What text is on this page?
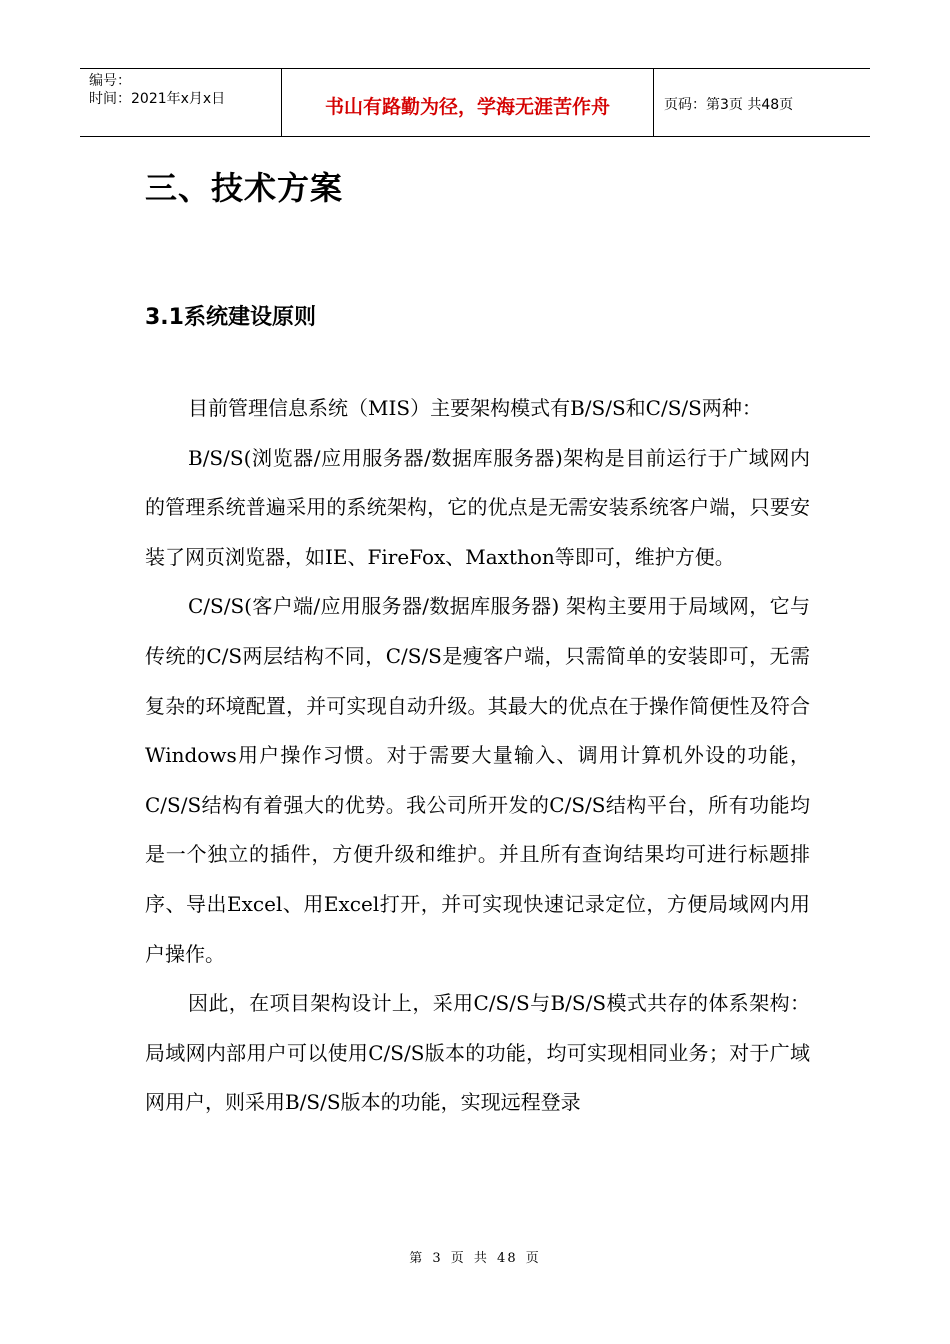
编号：
时间：2021年x月x日	书山有路勤为径，学海无涯苦作舟	页码：第3页 共48页
三、技术方案
3.1系统建设原则

目前管理信息系统（MIS）主要架构模式有B/S/S和C/S/S两种：

B/S/S(浏览器/应用服务器/数据库服务器)架构是目前运行于广域网内的管理系统普遍采用的系统架构，它的优点是无需安装系统客户端，只要安装了网页浏览器，如IE、FireFox、Maxthon等即可，维护方便。

C/S/S(客户端/应用服务器/数据库服务器) 架构主要用于局域网，它与传统的C/S两层结构不同，C/S/S是瘦客户端，只需简单的安装即可，无需复杂的环境配置，并可实现自动升级。其最大的优点在于操作简便性及符合Windows用户操作习惯。对于需要大量输入、调用计算机外设的功能，C/S/S结构有着强大的优势。我公司所开发的C/S/S结构平台，所有功能均是一个独立的插件，方便升级和维护。并且所有查询结果均可进行标题排序、导出Excel、用Excel打开，并可实现快速记录定位，方便局域网内用户操作。

因此，在项目架构设计上，采用C/S/S与B/S/S模式共存的体系架构：局域网内部用户可以使用C/S/S版本的功能，均可实现相同业务；对于广域网用户，则采用B/S/S版本的功能，实现远程登录

第 3 页 共 48 页
